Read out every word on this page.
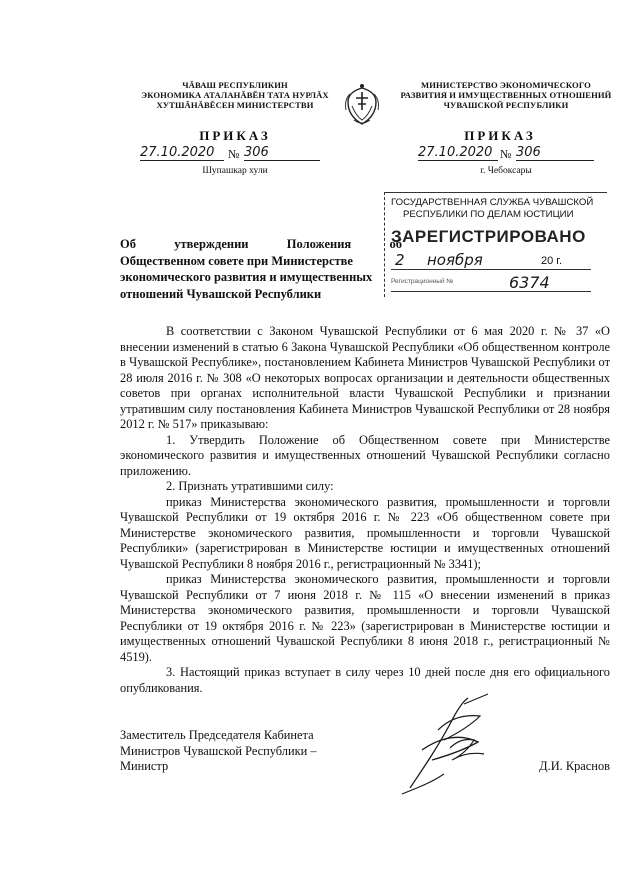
ЧĂВАШ РЕСПУБЛИКИН
ЭКОНОМИКА АТАЛАНĂВĔН ТАТА НУРЛĂХ
ХУТШĂНĂВĔСЕН МИНИСТЕРСТВИ
МИНИСТЕРСТВО ЭКОНОМИЧЕСКОГО
РАЗВИТИЯ И ИМУЩЕСТВЕННЫХ ОТНОШЕНИЙ
ЧУВАШСКОЙ РЕСПУБЛИКИ
ПРИКАЗ	ПРИКАЗ
27.10.2020	№ 306
Шупашкар хули
27.10.2020 № 306
г. Чебоксары
ГОСУДАРСТВЕННАЯ СЛУЖБА ЧУВАШСКОЙ
РЕСПУБЛИКИ ПО ДЕЛАМ ЮСТИЦИИ
ЗАРЕГИСТРИРОВАНО
2 ноября	20 г.
Регистрационный №	6374
Об утверждении Положения об
Общественном совете при Министерстве
экономического развития и имущественных
отношений Чувашской Республики

В соответствии с Законом Чувашской Республики от 6 мая 2020 г. № 37 «О внесении изменений в статью 6 Закона Чувашской Республики «Об общественном контроле в Чувашской Республике», постановлением Кабинета Министров Чувашской Республики от 28 июля 2016 г. № 308 «О некоторых вопросах организации и деятельности общественных советов при органах исполнительной власти Чувашской Республики и признании утратившим силу постановления Кабинета Министров Чувашской Республики от 28 ноября 2012 г. № 517» приказываю:

1. Утвердить Положение об Общественном совете при Министерстве экономического развития и имущественных отношений Чувашской Республики согласно приложению.

2. Признать утратившими силу:

приказ Министерства экономического развития, промышленности и торговли Чувашской Республики от 19 октября 2016 г. № 223 «Об общественном совете при Министерстве экономического развития, промышленности и торговли Чувашской Республики» (зарегистрирован в Министерстве юстиции и имущественных отношений Чувашской Республики 8 ноября 2016 г., регистрационный № 3341);

приказ Министерства экономического развития, промышленности и торговли Чувашской Республики от 7 июня 2018 г. № 115 «О внесении изменений в приказ Министерства экономического развития, промышленности и торговли Чувашской Республики от 19 октября 2016 г. № 223» (зарегистрирован в Министерстве юстиции и имущественных отношений Чувашской Республики 8 июня 2018 г., регистрационный № 4519).

3. Настоящий приказ вступает в силу через 10 дней после дня его официального опубликования.

Заместитель Председателя Кабинета
Министров Чувашской Республики –
Министр	Д.И. Краснов
